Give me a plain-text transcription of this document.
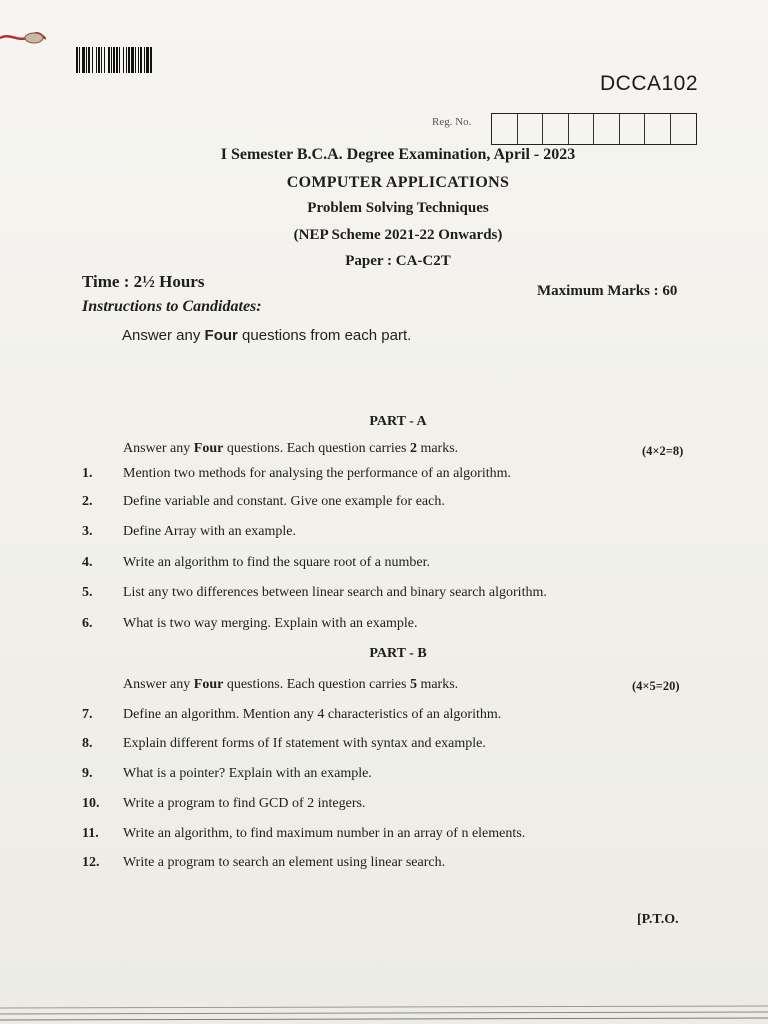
DCCA102
Reg. No.
I Semester B.C.A. Degree Examination, April - 2023
COMPUTER APPLICATIONS
Problem Solving Techniques
(NEP Scheme 2021-22 Onwards)
Paper : CA-C2T
Time : 2½ Hours	Maximum Marks : 60
Instructions to Candidates:
Answer any Four questions from each part.
PART - A
Answer any Four questions. Each question carries 2 marks.	(4×2=8)
1.	Mention two methods for analysing the performance of an algorithm.
2.	Define variable and constant. Give one example for each.
3.	Define Array with an example.
4.	Write an algorithm to find the square root of a number.
5.	List any two differences between linear search and binary search algorithm.
6.	What is two way merging. Explain with an example.
PART - B
Answer any Four questions. Each question carries 5 marks.	(4×5=20)
7.	Define an algorithm. Mention any 4 characteristics of an algorithm.
8.	Explain different forms of If statement with syntax and example.
9.	What is a pointer? Explain with an example.
10.	Write a program to find GCD of 2 integers.
11.	Write an algorithm, to find maximum number in an array of n elements.
12.	Write a program to search an element using linear search.
[P.T.O.
